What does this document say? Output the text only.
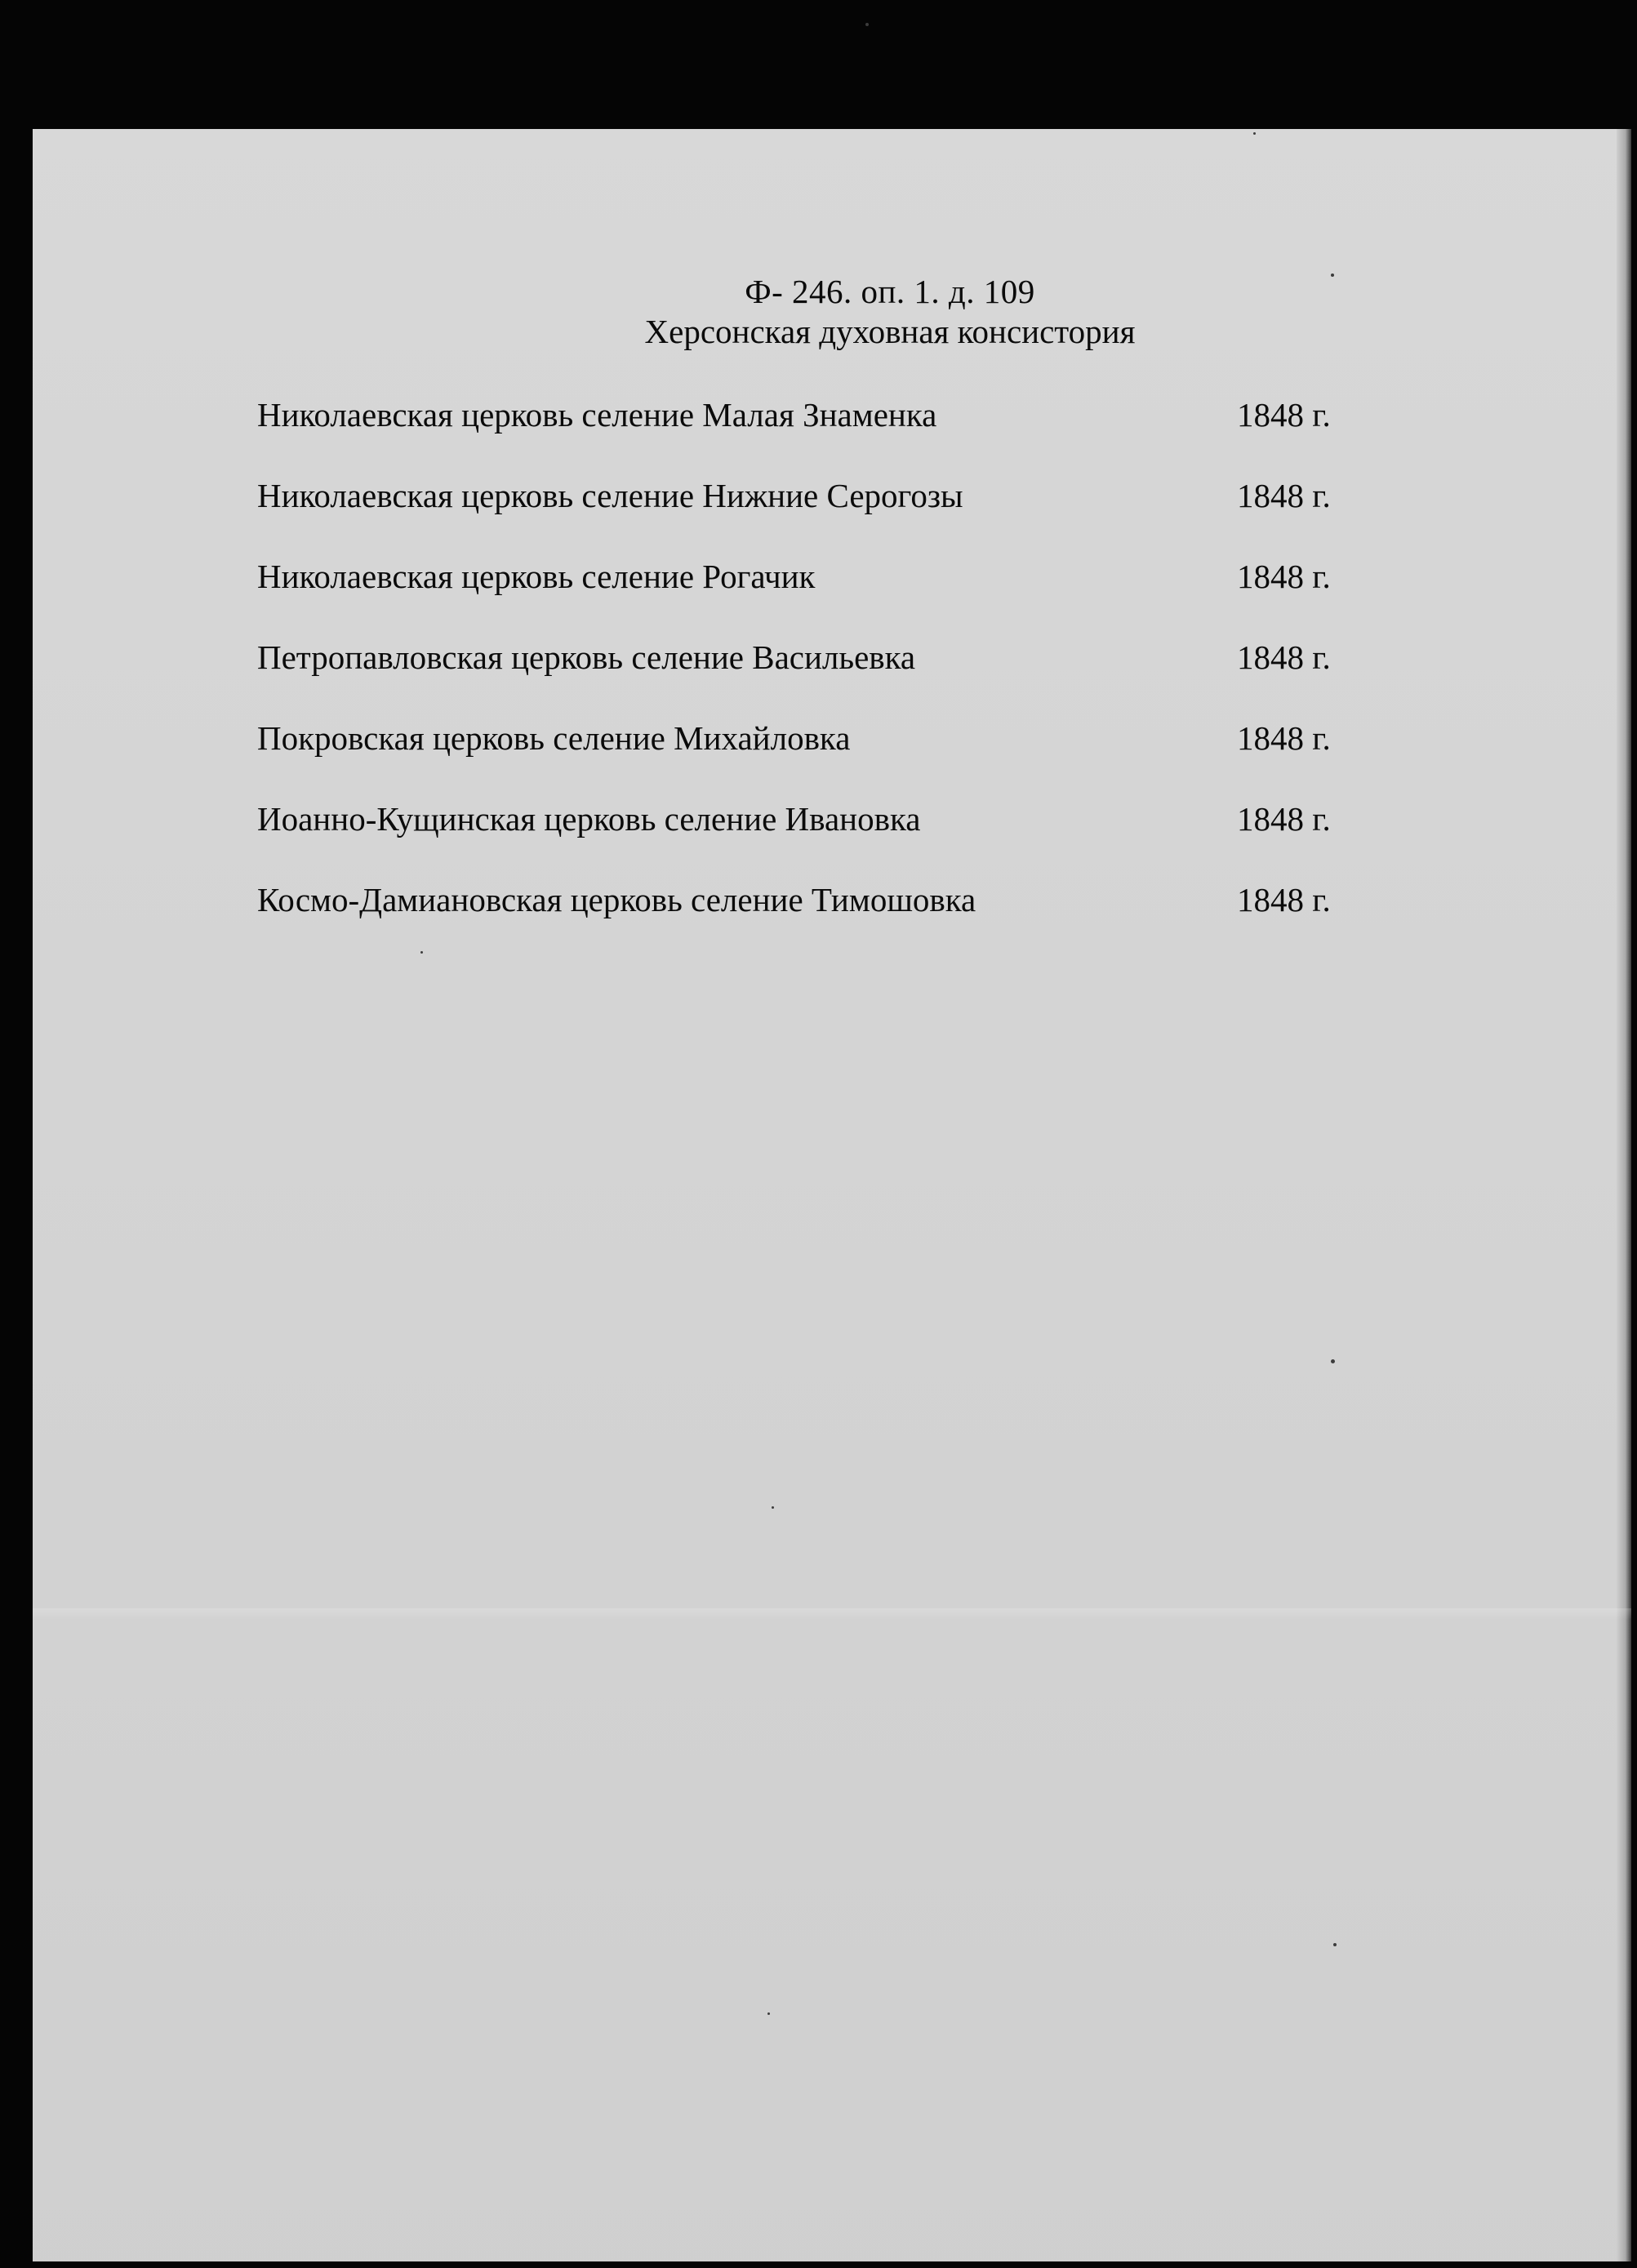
Ф- 246. оп. 1. д. 109
Херсонская духовная консистория
Николаевская церковь селение Малая Знаменка	1848 г.
Николаевская церковь селение Нижние Серогозы	1848 г.
Николаевская церковь селение Рогачик	1848 г.
Петропавловская церковь селение Васильевка	1848 г.
Покровская церковь селение Михайловка	1848 г.
Иоанно-Кущинская церковь селение Ивановка	1848 г.
Космо-Дамиановская церковь селение Тимошовка	1848 г.
